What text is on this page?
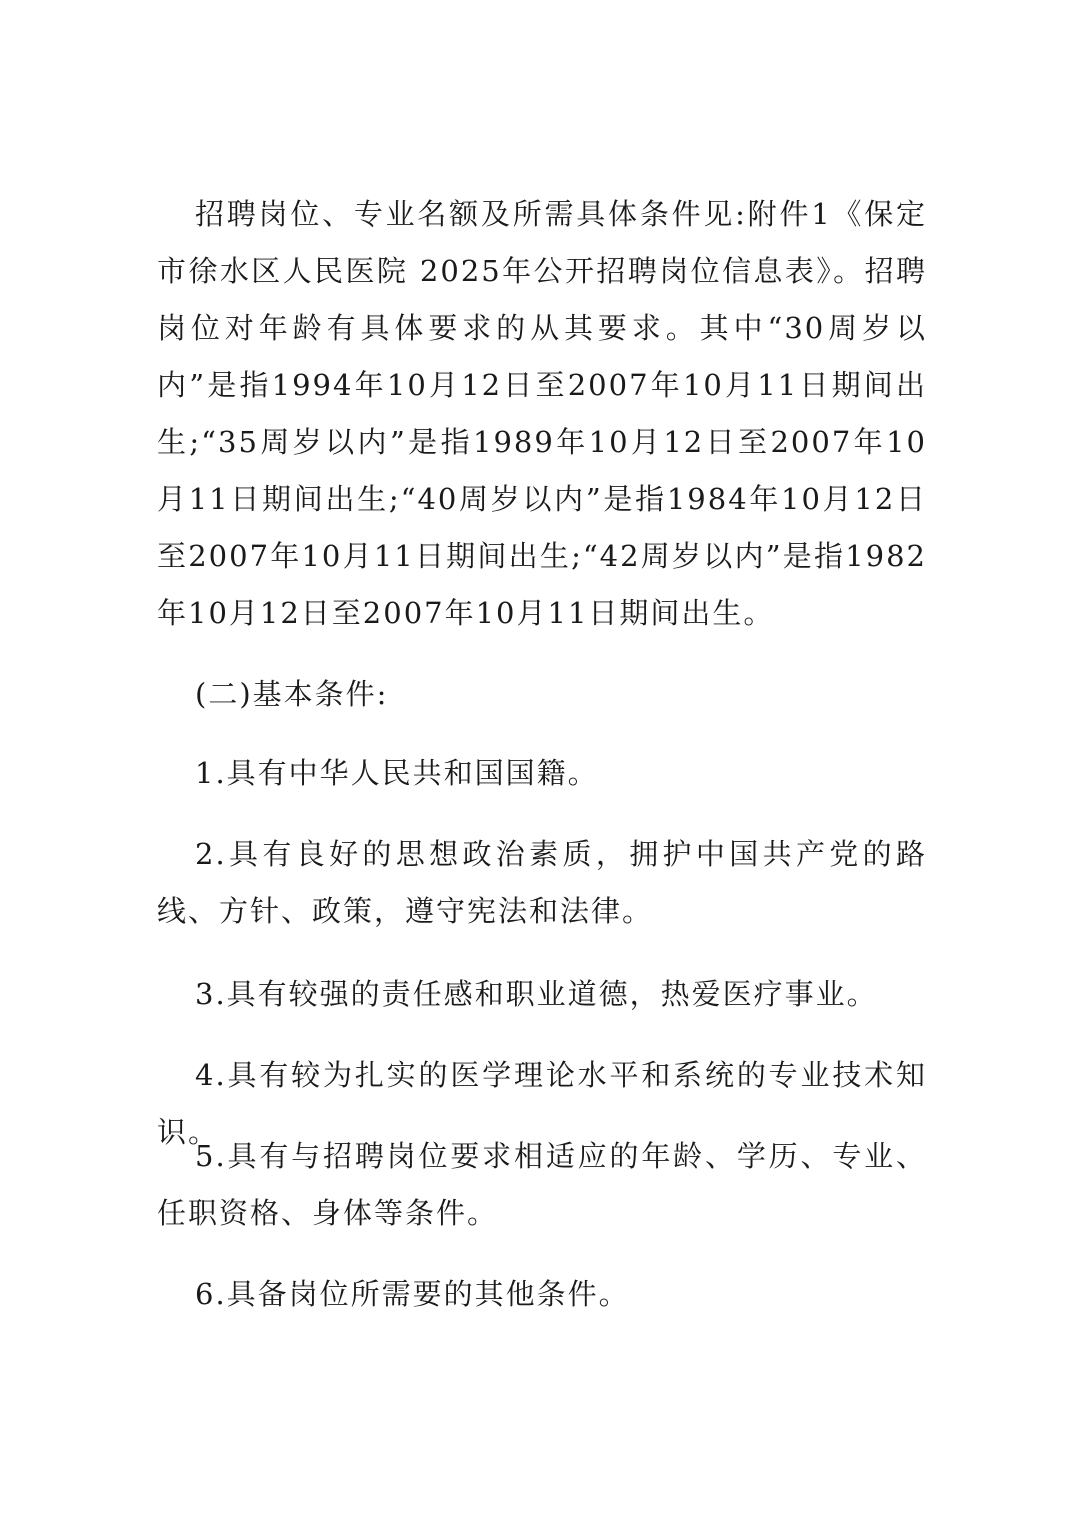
招聘岗位、专业名额及所需具体条件见:附件1《保定市徐水区人民医院 2025年公开招聘岗位信息表》。招聘岗位对年龄有具体要求的从其要求。其中“30周岁以内”是指1994年10月12日至2007年10月11日期间出生;“35周岁以内”是指1989年10月12日至2007年10月11日期间出生;“40周岁以内”是指1984年10月12日至2007年10月11日期间出生;“42周岁以内”是指1982年10月12日至2007年10月11日期间出生。

(二)基本条件:

1.具有中华人民共和国国籍。

2.具有良好的思想政治素质，拥护中国共产党的路线、方针、政策，遵守宪法和法律。

3.具有较强的责任感和职业道德，热爱医疗事业。

4.具有较为扎实的医学理论水平和系统的专业技术知识。

5.具有与招聘岗位要求相适应的年龄、学历、专业、任职资格、身体等条件。

6.具备岗位所需要的其他条件。
